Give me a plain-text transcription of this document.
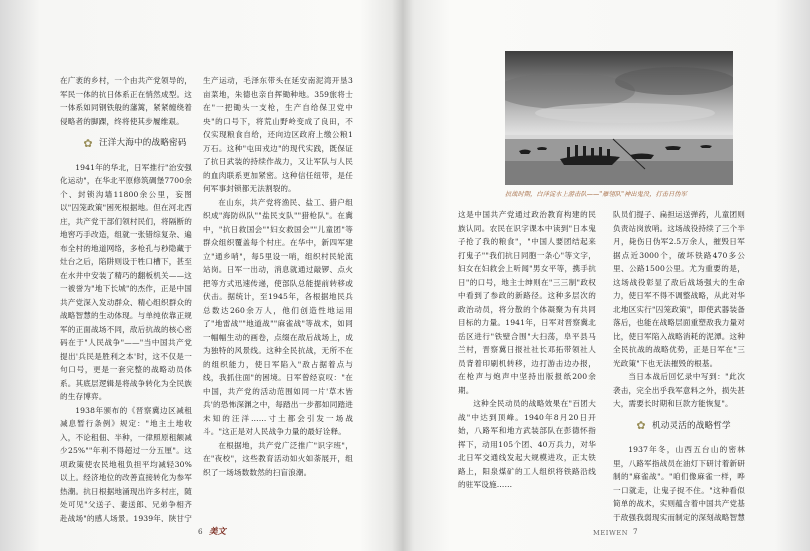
在广袤的乡村，一个由共产党领导的，军民一体的抗日体系正在悄然成型。这一体系如同钢铁般的藩篱，紧紧缠绕着侵略者的脚踝，终将使其步履维艰。

✿ 汪洋大海中的战略密码

1941年的华北，日军推行"治安强化运动"，在华北平原修筑碉堡7700余个、封锁沟墙11800余公里，妄图以"囚笼政策"困死根据地。但在河北西庄，共产党干部们领村民们，将隔断的地窖巧手改造，组就一张错综复杂、遍布全村的地道网络，多枪孔与秒隐藏于灶台之后，陷阱则设于牲口槽下，甚至在水井中安装了精巧的翻板机关——这一被誉为"地下长城"的杰作，正是中国共产党深入发动群众、精心组织群众的战略智慧的生动体现。与单纯依靠正规军的正面战场不同，敌后抗战的核心密码在于"人民战争"——"当中国共产党提出'兵民是胜利之本'时，这不仅是一句口号，更是一套完整的战略动员体系。其底层逻辑是将战争转化为全民族的生存博弈。

1938年颁布的《晋察冀边区减租减息暂行条例》规定："地主土地收入，不论租佃、半种，一律照原租额减少25%""年利不得超过一分五厘"。这项政策使农民地租负担平均减轻30%以上。经济地位的改善直接转化为参军热潮。抗日根据地涌现出许多村庄，随处可见"父送子、妻送郎、兄弟争相齐赴战场"的感人场景。1939年，陕甘宁

生产运动，毛泽东带头在延安南泥湾开垦3亩菜地，朱德也亲自挥锄种地。359旅将士在"一把锄头一支枪，生产自给保卫党中央"的口号下，将荒山野岭变成了良田，不仅实现粮食自给，还向边区政府上缴公粮1万石。这种"屯田戎边"的现代实践，既保证了抗日武装的持续作战力，又让军队与人民的血肉联系更加紧密。这种信任纽带，是任何军事封锁都无法割裂的。

在山东，共产党将渔民、盐工、猎户组织成"海防纵队""盐民支队""猎枪队"。在冀中，"抗日救国会""妇女救国会""儿童团"等群众组织覆盖每个村庄。在华中，新四军建立"通乡哨"，每5里设一哨，组织村民轮流站岗。日军一出动，消息就通过敲锣、点火把等方式迅速传递，使部队总能提前转移或伏击。据统计，至1945年，各根据地民兵总数达260余万人，他们创造性地运用了"地雷战""地道战""麻雀战"等战术，如同一幅幅生动的画卷，点缀在敌后战场上，成为独特的风景线。这种全民抗战，无所不在的组织能力，使日军陷入"敌占据着点与线，我抓住面"的困境。日军曾经哀叹："在中国，共产党的活动范围如同一片'草木皆兵'的恐怖深渊之中，每踏出一步都如同踏进未知的汪洋……寸土都会引发一场战斗。"这正是对人民战争力量的最好诠释。

在根据地，共产党广泛推广"识字班"，在"夜校"，这些教育活动如火如荼展开，组织了一场场数数然的扫盲浪潮。

6 美文
抗战时期，白洋淀水上游击队——"雁翎队"神出鬼没，打击日伪军

这是中国共产党通过政治教育构建的民族认同。农民在识字课本中读到"日本鬼子抢了我的粮食"，"中国人要团结起来打鬼子""我们抗日同胞一条心"等文字，妇女在妇救会上听闻"男女平等，携手抗日"的口号，地主士绅则在"三三制"政权中看到了参政的新路径。这种多层次的政治动员，将分散的个体凝聚为有共同目标的力量。1941年，日军对晋察冀北岳区进行"铁壁合围"大扫荡，阜平县马兰村，晋察冀日报社社长邓拓带领社人员背着印刷机转移，边打游击边办报，在枪声与炮声中坚持出版报纸200余期。

这种全民动员的战略效果在"百团大战"中达到顶峰。1940年8月20日开始，八路军和地方武装部队在彭德怀指挥下，动用105个团、40万兵力，对华北日军交通线发起大规模进攻，正太铁路上，阳泉煤矿的工人组织将铁路沿线的驻军设施……

队员们提子、扁担运送弹药，儿童团则负责站岗放哨。这场战役持续了三个半月，毙伤日伪军2.5万余人，摧毁日军据点近3000个，破坏铁路470多公里、公路1500公里。尤为重要的是，这场战役彰显了敌后战场强大的生命力，使日军不得不调整战略，从此对华北地区实行"囚笼政策"，即使武器装备落后，也能在战略层面重塑敌我力量对比，使日军陷入战略消耗的泥潭。这种全民抗战的战略优势，正是日军在"三光政策"下也无法摧毁的根基。

当日本战后回忆录中写到："此次袭击，完全出乎我军意料之外，损失甚大，需要长时期和巨款方能恢复"。

✿ 机动灵活的战略哲学

1937年冬，山西五台山的密林里，八路军指战员在油灯下研讨着新研制的"麻雀战"。"咱们像麻雀一样，哗一口就走，让鬼子捉不住。"这种看似简单的战术，实则蕴含着中国共产党基于敌强我弱现实而制定的深刻战略智慧

MEIWEN 7
